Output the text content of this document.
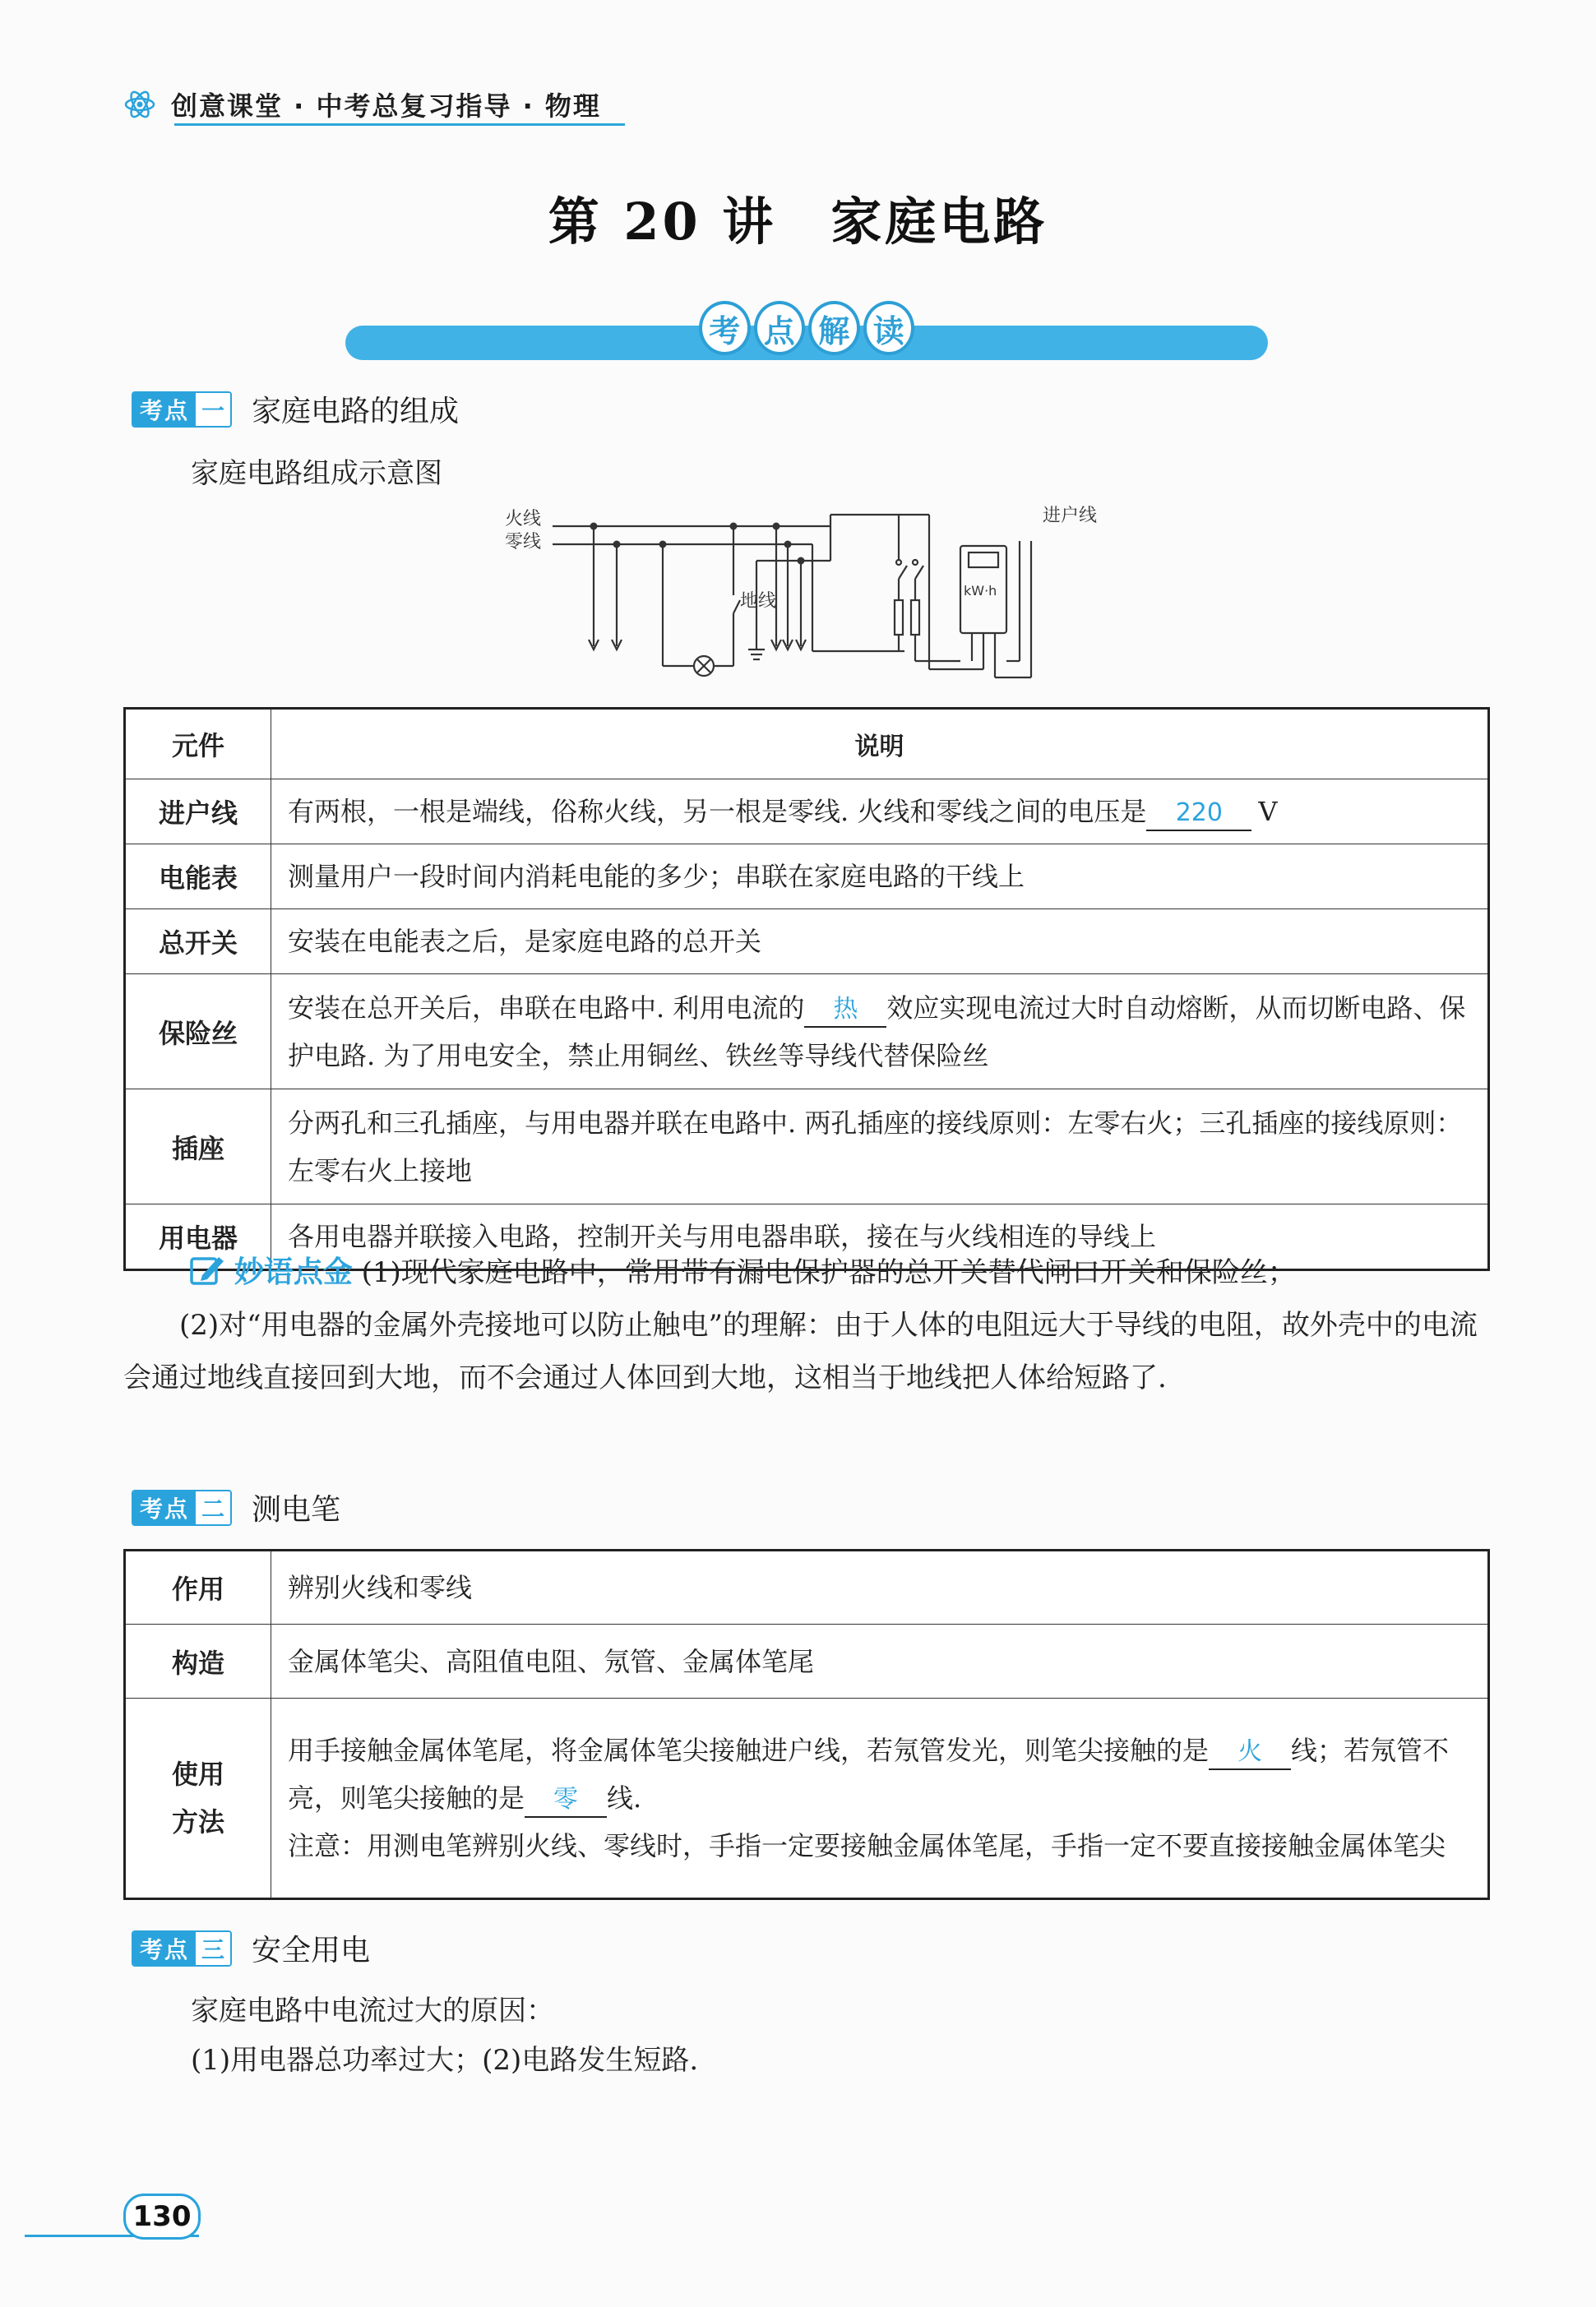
创意课堂 · 中考总复习指导 · 物理
第 20 讲　家庭电路
考 点 解 读
考点 一 家庭电路的组成
家庭电路组成示意图
火线
零线
地线
进户线
kW·h
元件	说明
进户线	有两根，一根是端线，俗称火线，另一根是零线. 火线和零线之间的电压是 220 V
电能表	测量用户一段时间内消耗电能的多少；串联在家庭电路的干线上
总开关	安装在电能表之后，是家庭电路的总开关
保险丝	安装在总开关后，串联在电路中. 利用电流的 热 效应实现电流过大时自动熔断，从而切断电路、保护电路. 为了用电安全，禁止用铜丝、铁丝等导线代替保险丝
插座	分两孔和三孔插座，与用电器并联在电路中. 两孔插座的接线原则：左零右火；三孔插座的接线原则：左零右火上接地
用电器	各用电器并联接入电路，控制开关与用电器串联，接在与火线相连的导线上
妙语点金 (1)现代家庭电路中，常用带有漏电保护器的总开关替代闸口开关和保险丝；
(2)对“用电器的金属外壳接地可以防止触电”的理解：由于人体的电阻远大于导线的电阻，故外壳中的电流会通过地线直接回到大地，而不会通过人体回到大地，这相当于地线把人体给短路了.
考点 二 测电笔
作用	辨别火线和零线
构造	金属体笔尖、高阻值电阻、氖管、金属体笔尾
使用
方法	用手接触金属体笔尾，将金属体笔尖接触进户线，若氖管发光，则笔尖接触的是 火 线；若氖管不亮，则笔尖接触的是 零 线.
注意：用测电笔辨别火线、零线时，手指一定要接触金属体笔尾，手指一定不要直接接触金属体笔尖
考点 三 安全用电
家庭电路中电流过大的原因：
(1)用电器总功率过大；(2)电路发生短路.
130
